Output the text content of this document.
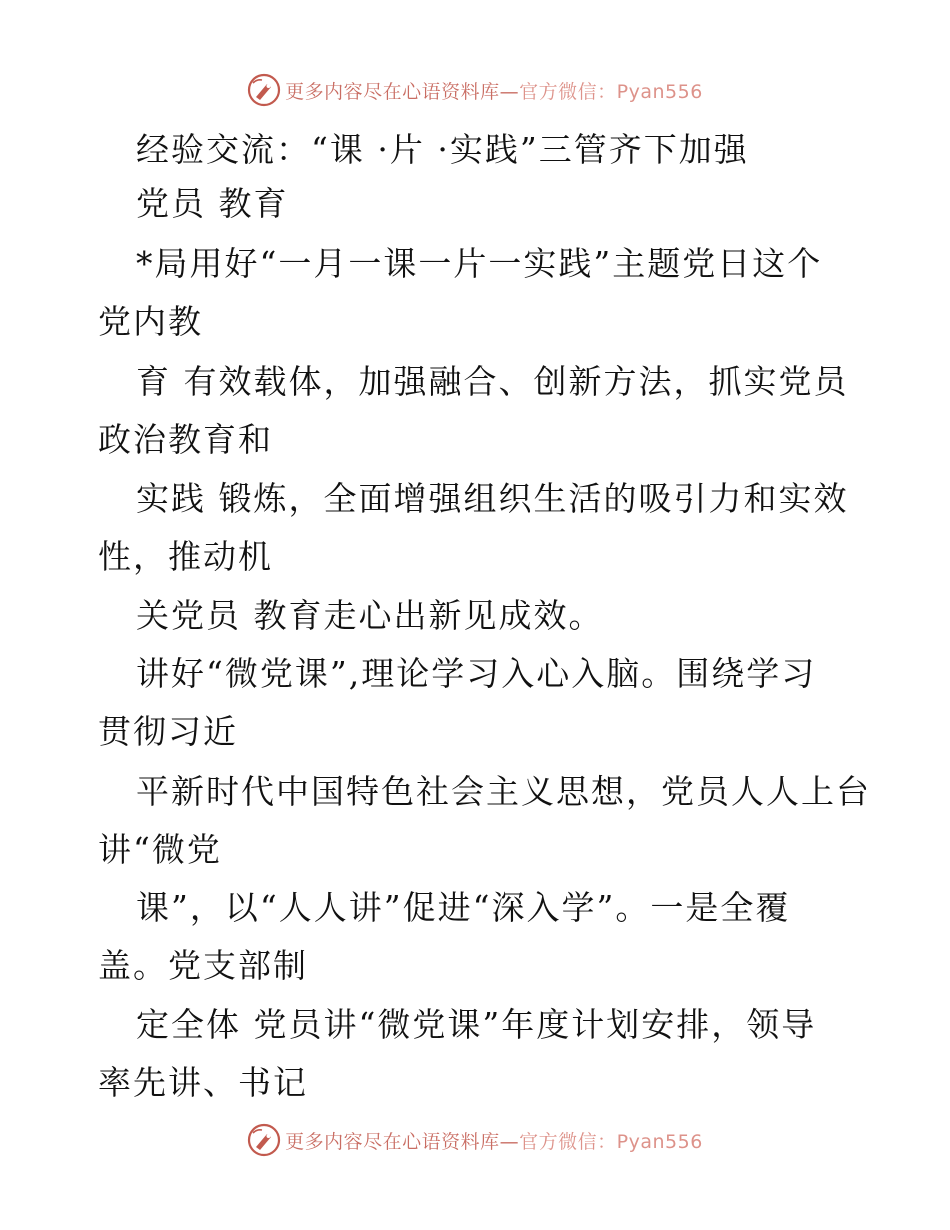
更多内容尽在心语资料库—官方微信：Pyan556
经验交流：“课 ·片 ·实践”三管齐下加强
党员 教育
*局用好“一月一课一片一实践”主题党日这个
党内教
育 有效载体，加强融合、创新方法，抓实党员
政治教育和
实践 锻炼，全面增强组织生活的吸引力和实效
性，推动机
关党员 教育走心出新见成效。
讲好“微党课”,理论学习入心入脑。围绕学习
贯彻习近
平新时代中国特色社会主义思想，党员人人上台
讲“微党
课”，以“人人讲”促进“深入学”。一是全覆
盖。党支部制
定全体 党员讲“微党课”年度计划安排，领导
率先讲、书记
更多内容尽在心语资料库—官方微信：Pyan556
